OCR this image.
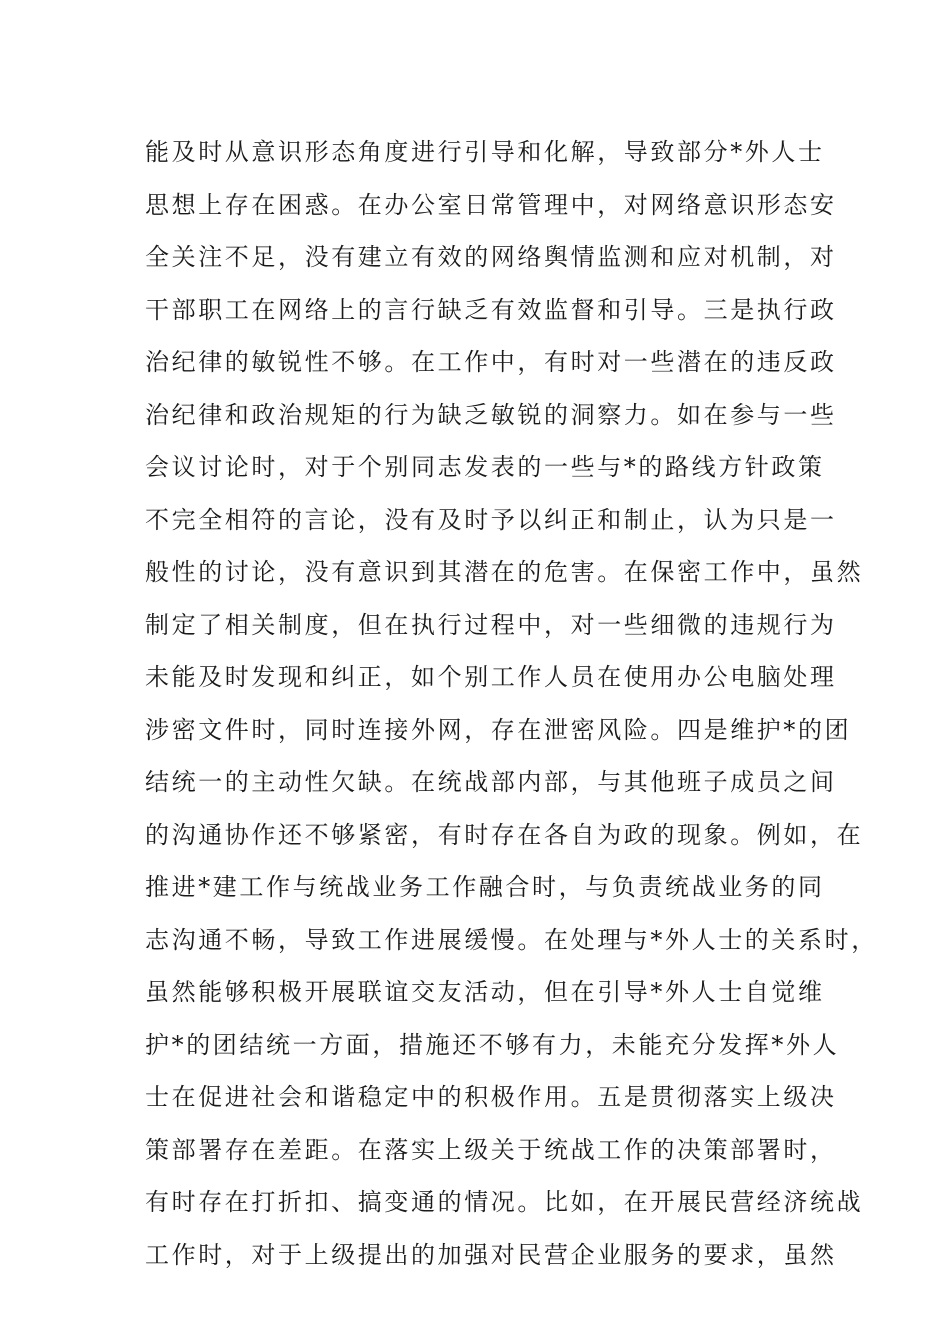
能及时从意识形态角度进行引导和化解，导致部分*外人士
思想上存在困惑。在办公室日常管理中，对网络意识形态安
全关注不足，没有建立有效的网络舆情监测和应对机制，对
干部职工在网络上的言行缺乏有效监督和引导。三是执行政
治纪律的敏锐性不够。在工作中，有时对一些潜在的违反政
治纪律和政治规矩的行为缺乏敏锐的洞察力。如在参与一些
会议讨论时，对于个别同志发表的一些与*的路线方针政策
不完全相符的言论，没有及时予以纠正和制止，认为只是一
般性的讨论，没有意识到其潜在的危害。在保密工作中，虽然
制定了相关制度，但在执行过程中，对一些细微的违规行为
未能及时发现和纠正，如个别工作人员在使用办公电脑处理
涉密文件时，同时连接外网，存在泄密风险。四是维护*的团
结统一的主动性欠缺。在统战部内部，与其他班子成员之间
的沟通协作还不够紧密，有时存在各自为政的现象。例如，在
推进*建工作与统战业务工作融合时，与负责统战业务的同
志沟通不畅，导致工作进展缓慢。在处理与*外人士的关系时，
虽然能够积极开展联谊交友活动，但在引导*外人士自觉维
护*的团结统一方面，措施还不够有力，未能充分发挥*外人
士在促进社会和谐稳定中的积极作用。五是贯彻落实上级决
策部署存在差距。在落实上级关于统战工作的决策部署时，
有时存在打折扣、搞变通的情况。比如，在开展民营经济统战
工作时，对于上级提出的加强对民营企业服务的要求，虽然
